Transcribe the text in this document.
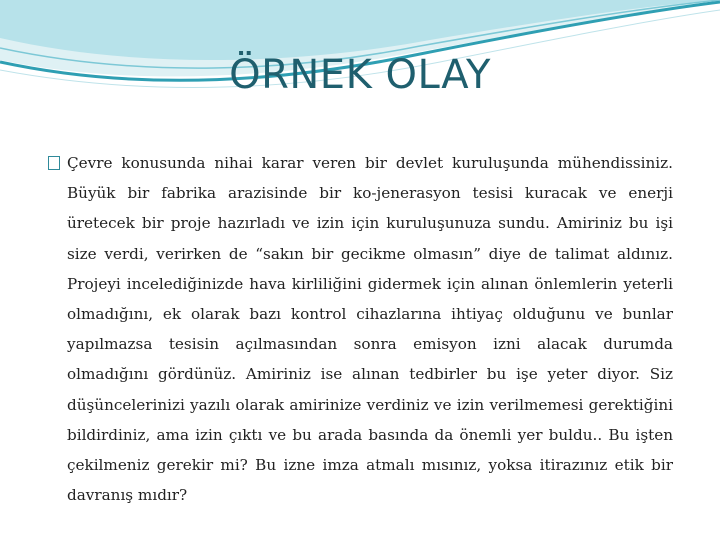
ÖRNEK OLAY

Çevre konusunda nihai karar veren bir devlet kuruluşunda mühendissiniz. Büyük bir fabrika arazisinde bir ko-jenerasyon tesisi kuracak ve enerji üretecek bir proje hazırladı ve izin için kuruluşunuza sundu. Amiriniz bu işi size verdi, verirken de “sakın bir gecikme olmasın” diye de talimat aldınız. Projeyi incelediğinizde hava kirliliğini gidermek için alınan önlemlerin yeterli olmadığını, ek olarak bazı kontrol cihazlarına ihtiyaç olduğunu ve bunlar yapılmazsa tesisin açılmasından sonra emisyon izni alacak durumda olmadığını gördünüz. Amiriniz ise alınan tedbirler bu işe yeter diyor. Siz düşüncelerinizi yazılı olarak amirinize verdiniz ve izin verilmemesi gerektiğini bildirdiniz, ama izin çıktı ve bu arada basında da önemli yer buldu.. Bu işten çekilmeniz gerekir mi? Bu izne imza atmalı mısınız, yoksa itirazınız etik bir davranış mıdır?
